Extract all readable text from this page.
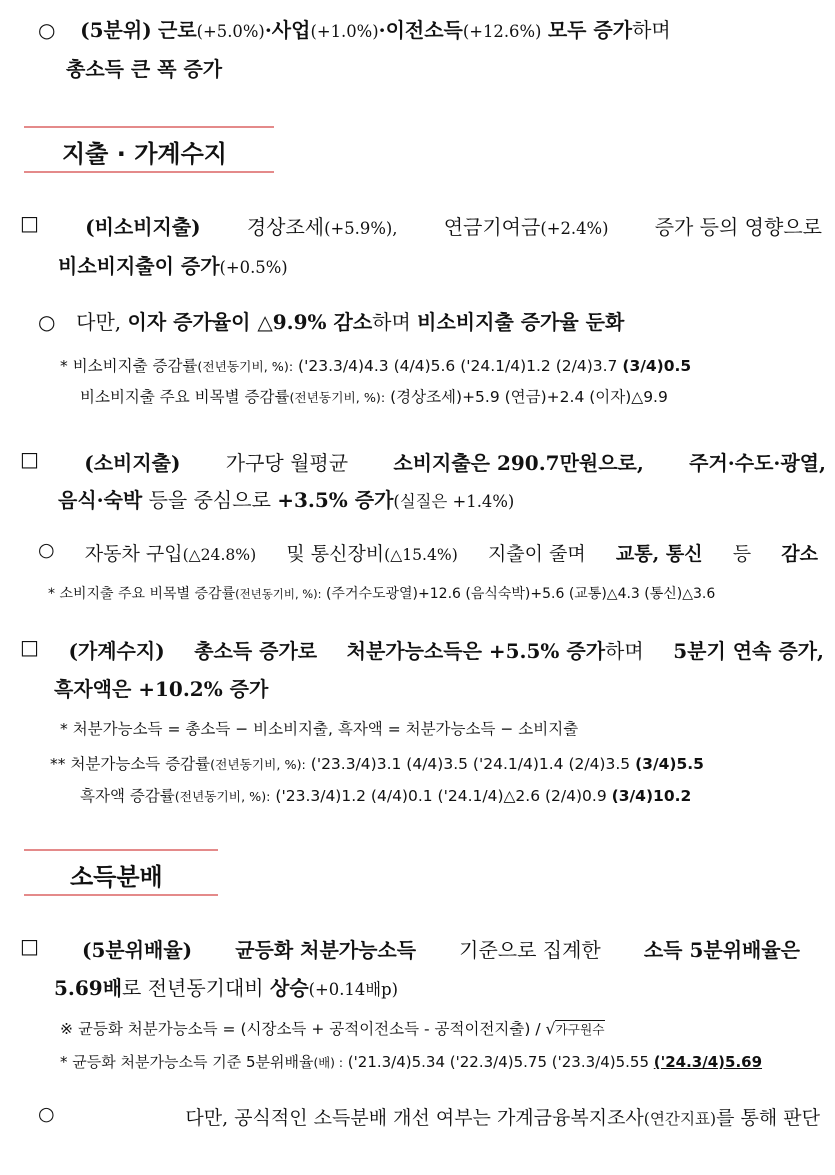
○ (5분위) 근로(+5.0%)·사업(+1.0%)·이전소득(+12.6%) 모두 증가하며
총소득 큰 폭 증가
지출 · 가계수지
□ (비소비지출) 경상조세(+5.9%), 연금기여금(+2.4%) 증가 등의 영향으로
비소비지출이 증가(+0.5%)
○ 다만, 이자 증가율이 △9.9% 감소하며 비소비지출 증가율 둔화
* 비소비지출 증감률(전년동기비, %): ('23.3/4)4.3 (4/4)5.6 ('24.1/4)1.2 (2/4)3.7 (3/4)0.5
비소비지출 주요 비목별 증감률(전년동기비, %): (경상조세)+5.9 (연금)+2.4 (이자)△9.9
□ (소비지출) 가구당 월평균 소비지출은 290.7만원으로, 주거·수도·광열,
음식·숙박 등을 중심으로 +3.5% 증가(실질은 +1.4%)
○ 자동차 구입(△24.8%) 및 통신장비(△15.4%) 지출이 줄며 교통, 통신 등 감소
* 소비지출 주요 비목별 증감률(전년동기비, %): (주거수도광열)+12.6 (음식숙박)+5.6 (교통)△4.3 (통신)△3.6
□ (가계수지) 총소득 증가로 처분가능소득은 +5.5% 증가하며 5분기 연속 증가,
흑자액은 +10.2% 증가
* 처분가능소득 = 총소득 − 비소비지출, 흑자액 = 처분가능소득 − 소비지출
** 처분가능소득 증감률(전년동기비, %): ('23.3/4)3.1 (4/4)3.5 ('24.1/4)1.4 (2/4)3.5 (3/4)5.5
흑자액 증감률(전년동기비, %): ('23.3/4)1.2 (4/4)0.1 ('24.1/4)△2.6 (2/4)0.9 (3/4)10.2
소득분배
□ (5분위배율) 균등화 처분가능소득 기준으로 집계한 소득 5분위배율은
5.69배로 전년동기대비 상승(+0.14배p)
※ 균등화 처분가능소득 = (시장소득 + 공적이전소득 - 공적이전지출) / √가구원수
* 균등화 처분가능소득 기준 5분위배율(배) : ('21.3/4)5.34 ('22.3/4)5.75 ('23.3/4)5.55 ('24.3/4)5.69
○	다만, 공식적인 소득분배 개선 여부는 가계금융복지조사(연간지표)를 통해 판단
